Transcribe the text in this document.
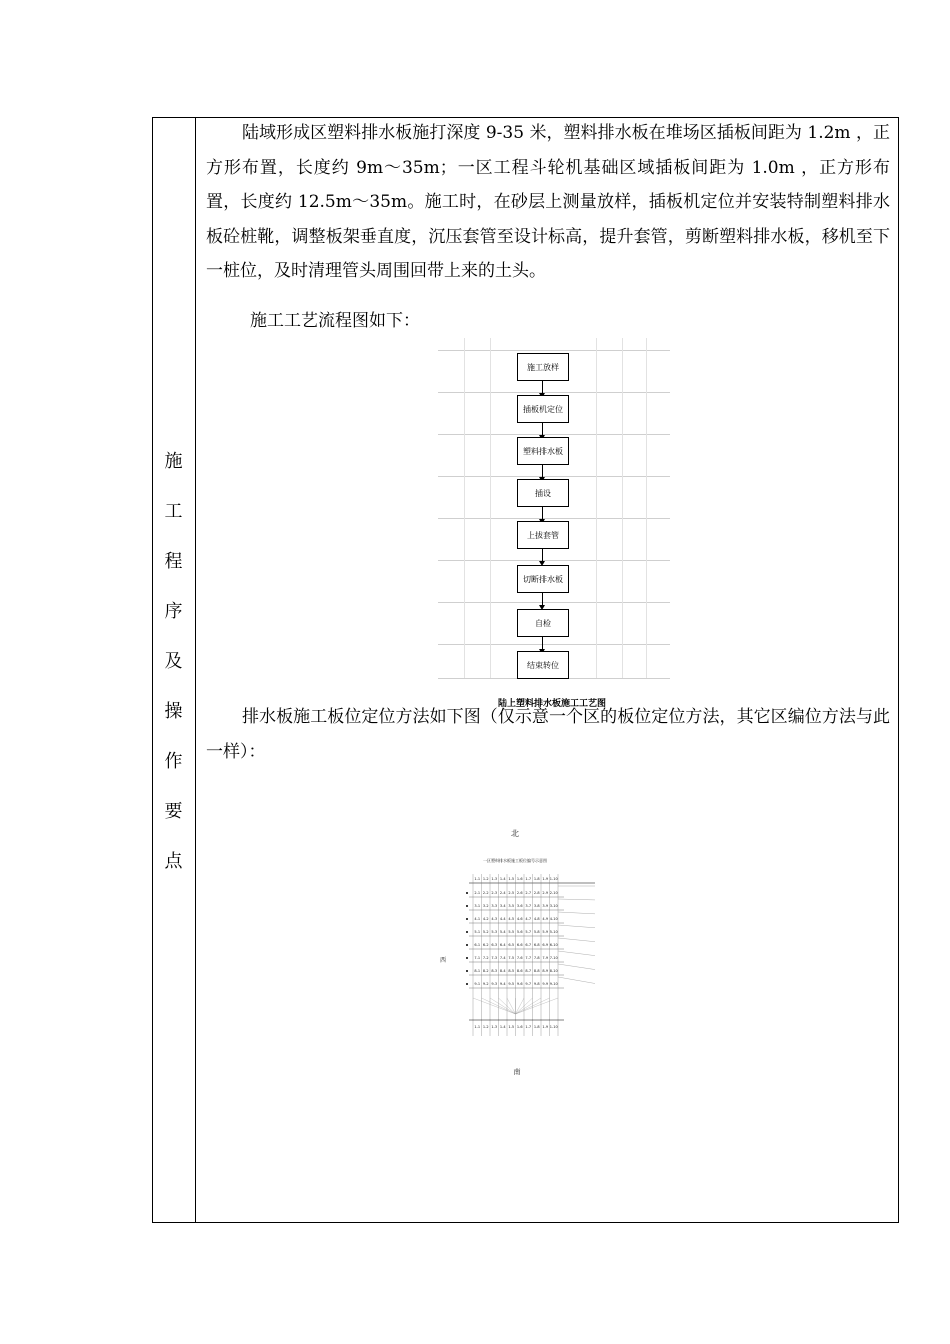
施
工
程
序
及
操
作
要
点

陆域形成区塑料排水板施打深度 9-35 米，塑料排水板在堆场区插板间距为 1.2m ，正方形布置，长度约 9m～35m；一区工程斗轮机基础区域插板间距为 1.0m ，正方形布置，长度约 12.5m～35m。施工时，在砂层上测量放样，插板机定位并安装特制塑料排水板砼桩靴，调整板架垂直度，沉压套管至设计标高，提升套管，剪断塑料排水板，移机至下一桩位，及时清理管头周围回带上来的土头。

施工工艺流程图如下：

施工放样
插板机定位
塑料排水板
插设
上拔套管
切断排水板
自检
结束转位
陆上塑料排水板施工工艺图

排水板施工板位定位方法如下图（仅示意一个区的板位定位方法，其它区编位方法与此一样）：

北
一区塑料排水板施工板位编号示意图
1-1 1-2 1-3 1-4 1-5 1-6 1-7 1-8 1-9 1-10
2-1 2-2 2-3 2-4 2-5 2-6 2-7 2-8 2-9 2-10
3-1 3-2 3-3 3-4 3-5 3-6 3-7 3-8 3-9 3-10
4-1 4-2 4-3 4-4 4-5 4-6 4-7 4-8 4-9 4-10
5-1 5-2 5-3 5-4 5-5 5-6 5-7 5-8 5-9 5-10
6-1 6-2 6-3 6-4 6-5 6-6 6-7 6-8 6-9 6-10
7-1 7-2 7-3 7-4 7-5 7-6 7-7 7-8 7-9 7-10
8-1 8-2 8-3 8-4 8-5 8-6 8-7 8-8 8-9 8-10
9-1 9-2 9-3 9-4 9-5 9-6 9-7 9-8 9-9 9-10
1-1 1-2 1-3 1-4 1-5 1-6 1-7 1-8 1-9 1-10
西
南
